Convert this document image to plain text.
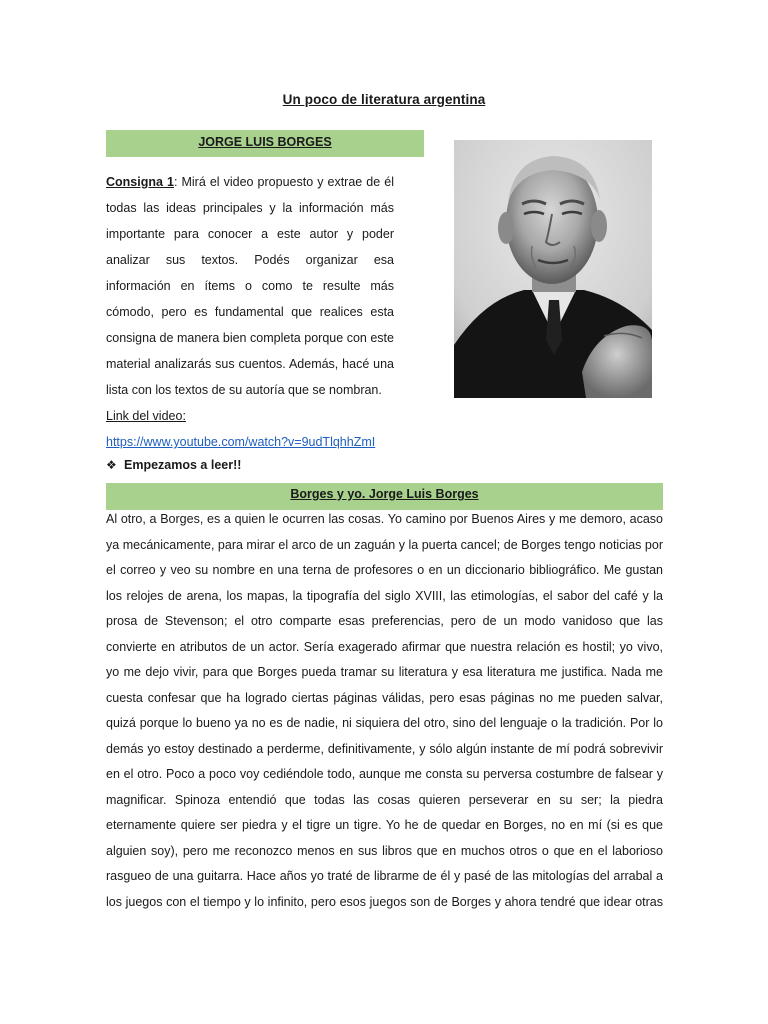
Un poco de literatura argentina
JORGE LUIS BORGES

Consigna 1: Mirá el video propuesto y extrae de él todas las ideas principales y la información más importante para conocer a este autor y poder analizar sus textos. Podés organizar esa información en ítems o como te resulte más cómodo, pero es fundamental que realices esta consigna de manera bien completa porque con este material analizarás sus cuentos. Además, hacé una lista con los textos de su autoría que se nombran.

Link del video:

https://www.youtube.com/watch?v=9udTlqhhZmI
❖ Empezamos a leer!!
Borges y yo. Jorge Luis Borges
Al otro, a Borges, es a quien le ocurren las cosas. Yo camino por Buenos Aires y me demoro, acaso
ya mecánicamente, para mirar el arco de un zaguán y la puerta cancel; de Borges tengo noticias por
el correo y veo su nombre en una terna de profesores o en un diccionario bibliográfico. Me gustan
los relojes de arena, los mapas, la tipografía del siglo XVIII, las etimologías, el sabor del café y la
prosa de Stevenson; el otro comparte esas preferencias, pero de un modo vanidoso que las
convierte en atributos de un actor. Sería exagerado afirmar que nuestra relación es hostil; yo vivo,
yo me dejo vivir, para que Borges pueda tramar su literatura y esa literatura me justifica. Nada me
cuesta confesar que ha logrado ciertas páginas válidas, pero esas páginas no me pueden salvar,
quizá porque lo bueno ya no es de nadie, ni siquiera del otro, sino del lenguaje o la tradición. Por lo
demás yo estoy destinado a perderme, definitivamente, y sólo algún instante de mí podrá sobrevivir
en el otro. Poco a poco voy cediéndole todo, aunque me consta su perversa costumbre de falsear y
magnificar. Spinoza entendió que todas las cosas quieren perseverar en su ser; la piedra
eternamente quiere ser piedra y el tigre un tigre. Yo he de quedar en Borges, no en mí (si es que
alguien soy), pero me reconozco menos en sus libros que en muchos otros o que en el laborioso
rasgueo de una guitarra. Hace años yo traté de librarme de él y pasé de las mitologías del arrabal a
los juegos con el tiempo y lo infinito, pero esos juegos son de Borges y ahora tendré que idear otras
